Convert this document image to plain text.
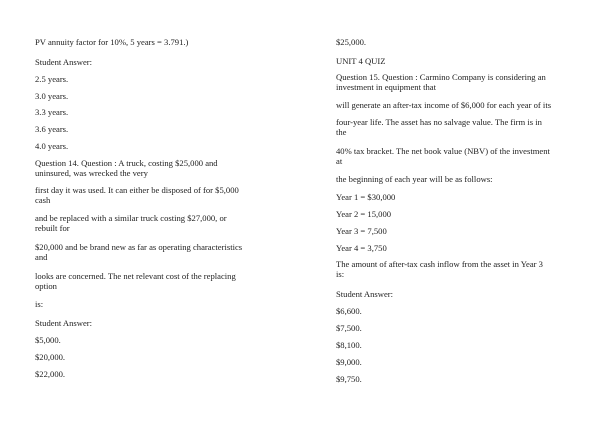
PV annuity factor for 10%, 5 years = 3.791.)
Student Answer:
2.5 years.
3.0 years.
3.3 years.
3.6 years.
4.0 years.
Question 14. Question : A truck, costing $25,000 and
uninsured, was wrecked the very
first day it was used. It can either be disposed of for $5,000
cash
and be replaced with a similar truck costing $27,000, or
rebuilt for
$20,000 and be brand new as far as operating characteristics
and
looks are concerned. The net relevant cost of the replacing
option
is:
Student Answer:
$5,000.
$20,000.
$22,000.
$25,000.
UNIT 4 QUIZ
Question 15. Question : Carmino Company is considering an
investment in equipment that
will generate an after-tax income of $6,000 for each year of its
four-year life. The asset has no salvage value. The firm is in
the
40% tax bracket. The net book value (NBV) of the investment
at
the beginning of each year will be as follows:
Year 1 = $30,000
Year 2 = 15,000
Year 3 = 7,500
Year 4 = 3,750
The amount of after-tax cash inflow from the asset in Year 3
is:
Student Answer:
$6,600.
$7,500.
$8,100.
$9,000.
$9,750.
